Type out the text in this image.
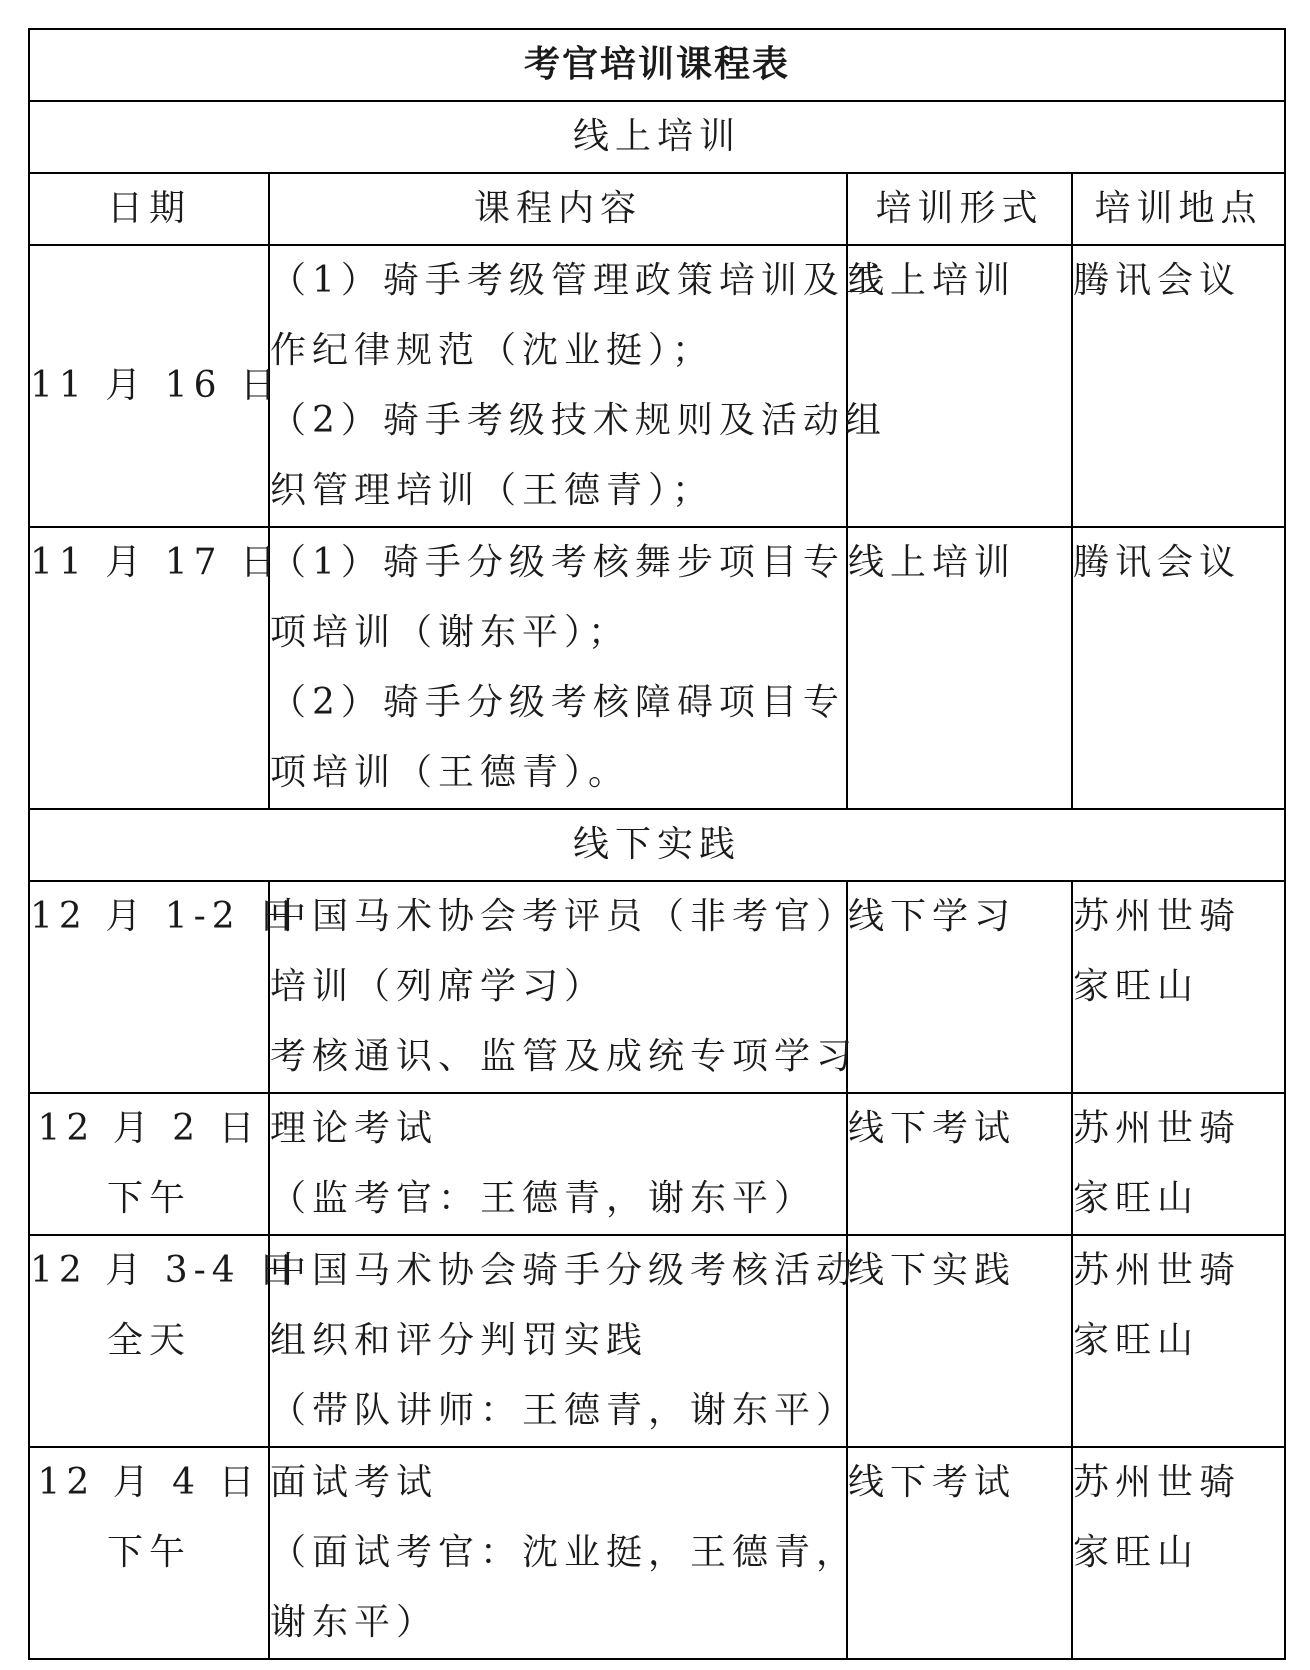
考官培训课程表			
线上培训			
日期	课程内容	培训形式	培训地点

11 月 16 日	（1）骑手考级管理政策培训及工
作纪律规范（沈业挺）；
（2）骑手考级技术规则及活动组
织管理培训（王德青）；	线上培训	腾讯会议

11 月 17 日	（1）骑手分级考核舞步项目专
项培训（谢东平）；
（2）骑手分级考核障碍项目专
项培训（王德青）。	线上培训	腾讯会议

线下实践			

12 月 1-2 日	中国马术协会考评员（非考官）
培训（列席学习）
考核通识、监管及成统专项学习	线下学习	苏州世骑
家旺山

12 月 2 日
下午	理论考试
（监考官：王德青，谢东平）	线下考试	苏州世骑
家旺山

12 月 3-4 日
全天	中国马术协会骑手分级考核活动
组织和评分判罚实践
（带队讲师：王德青，谢东平）	线下实践	苏州世骑
家旺山

12 月 4 日
下午	面试考试
（面试考官：沈业挺，王德青，
谢东平）	线下考试	苏州世骑
家旺山
